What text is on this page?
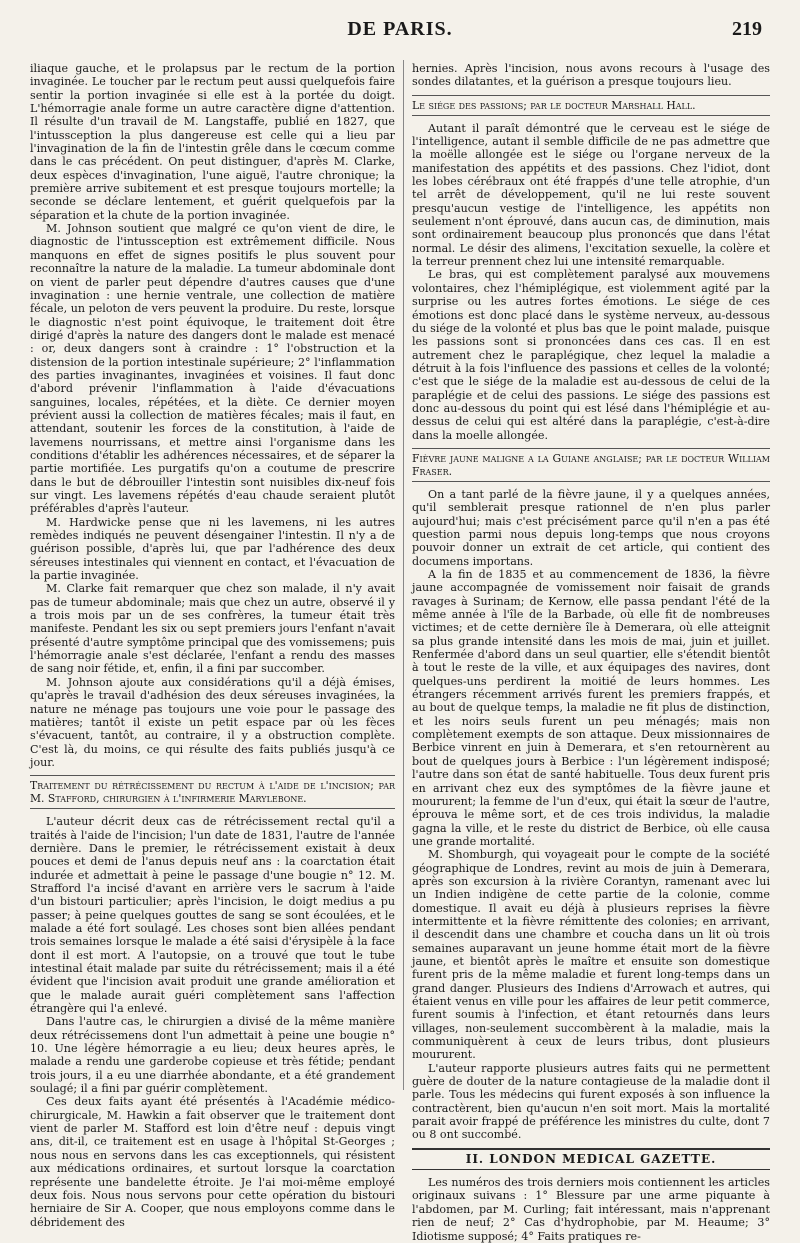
DE PARIS.	219

iliaque gauche, et le prolapsus par le rectum de la portion invaginée. Le toucher par le rectum peut aussi quelquefois faire sentir la portion invaginée si elle est à la portée du doigt. L'hémorragie anale forme un autre caractère digne d'attention. Il résulte d'un travail de M. Langstaffe, publié en 1827, que l'intussception la plus dangereuse est celle qui a lieu par l'invagination de la fin de l'intestin grêle dans le cœcum comme dans le cas précédent. On peut distinguer, d'après M. Clarke, deux espèces d'invagination, l'une aiguë, l'autre chronique; la première arrive subitement et est presque toujours mortelle; la seconde se déclare lentement, et guérit quelquefois par la séparation et la chute de la portion invaginée.

M. Johnson soutient que malgré ce qu'on vient de dire, le diagnostic de l'intussception est extrêmement difficile. Nous manquons en effet de signes positifs le plus souvent pour reconnaître la nature de la maladie. La tumeur abdominale dont on vient de parler peut dépendre d'autres causes que d'une invagination : une hernie ventrale, une collection de matière fécale, un peloton de vers peuvent la produire. Du reste, lorsque le diagnostic n'est point équivoque, le traitement doit être dirigé d'après la nature des dangers dont le malade est menacé : or, deux dangers sont à craindre : 1° l'obstruction et la distension de la portion intestinale supérieure; 2° l'inflammation des parties invaginantes, invaginées et voisines. Il faut donc d'abord prévenir l'inflammation à l'aide d'évacuations sanguines, locales, répétées, et la diète. Ce dernier moyen prévient aussi la collection de matières fécales; mais il faut, en attendant, soutenir les forces de la constitution, à l'aide de lavemens nourrissans, et mettre ainsi l'organisme dans les conditions d'établir les adhérences nécessaires, et de séparer la partie mortifiée. Les purgatifs qu'on a coutume de prescrire dans le but de débrouiller l'intestin sont nuisibles dix-neuf fois sur vingt. Les lavemens répétés d'eau chaude seraient plutôt préférables d'après l'auteur.

M. Hardwicke pense que ni les lavemens, ni les autres remèdes indiqués ne peuvent désengainer l'intestin. Il n'y a de guérison possible, d'après lui, que par l'adhérence des deux séreuses intestinales qui viennent en contact, et l'évacuation de la partie invaginée.

M. Clarke fait remarquer que chez son malade, il n'y avait pas de tumeur abdominale; mais que chez un autre, observé il y a trois mois par un de ses confrères, la tumeur était très manifeste. Pendant les six ou sept premiers jours l'enfant n'avait présenté d'autre symptôme principal que des vomissemens; puis l'hémorragie anale s'est déclarée, l'enfant a rendu des masses de sang noir fétide, et, enfin, il a fini par succomber.

M. Johnson ajoute aux considérations qu'il a déjà émises, qu'après le travail d'adhésion des deux séreuses invaginées, la nature ne ménage pas toujours une voie pour le passage des matières; tantôt il existe un petit espace par où les fèces s'évacuent, tantôt, au contraire, il y a obstruction complète. C'est là, du moins, ce qui résulte des faits publiés jusqu'à ce jour.

Traitement du rétrécissement du rectum à l'aide de l'incision; par M. Stafford, chirurgien à l'infirmerie Marylebone.

L'auteur décrit deux cas de rétrécissement rectal qu'il a traités à l'aide de l'incision; l'un date de 1831, l'autre de l'année dernière. Dans le premier, le rétrécissement existait à deux pouces et demi de l'anus depuis neuf ans : la coarctation était indurée et admettait à peine le passage d'une bougie n° 12. M. Strafford l'a incisé d'avant en arrière vers le sacrum à l'aide d'un bistouri particulier; après l'incision, le doigt medius a pu passer; à peine quelques gouttes de sang se sont écoulées, et le malade a été fort soulagé. Les choses sont bien allées pendant trois semaines lorsque le malade a été saisi d'érysipèle à la face dont il est mort. A l'autopsie, on a trouvé que tout le tube intestinal était malade par suite du rétrécissement; mais il a été évident que l'incision avait produit une grande amélioration et que le malade aurait guéri complètement sans l'affection étrangère qui l'a enlevé.

Dans l'autre cas, le chirurgien a divisé de la même manière deux rétrécissemens dont l'un admettait à peine une bougie n° 10. Une légère hémorragie a eu lieu; deux heures après, le malade a rendu une garderobe copieuse et très fétide; pendant trois jours, il a eu une diarrhée abondante, et a été grandement soulagé; il a fini par guérir complètement.

Ces deux faits ayant été présentés à l'Académie médico-chirurgicale, M. Hawkin a fait observer que le traitement dont vient de parler M. Stafford est loin d'être neuf : depuis vingt ans, dit-il, ce traitement est en usage à l'hôpital St-Georges ; nous nous en servons dans les cas exceptionnels, qui résistent aux médications ordinaires, et surtout lorsque la coarctation représente une bandelette étroite. Je l'ai moi-même employé deux fois. Nous nous servons pour cette opération du bistouri herniaire de Sir A. Cooper, que nous employons comme dans le débridement des

hernies. Après l'incision, nous avons recours à l'usage des sondes dilatantes, et la guérison a presque toujours lieu.

Le siége des passions; par le docteur Marshall Hall.

Autant il paraît démontré que le cerveau est le siége de l'intelligence, autant il semble difficile de ne pas admettre que la moëlle allongée est le siége ou l'organe nerveux de la manifestation des appétits et des passions. Chez l'idiot, dont les lobes cérébraux ont été frappés d'une telle atrophie, d'un tel arrêt de développement, qu'il ne lui reste souvent presqu'aucun vestige de l'intelligence, les appétits non seulement n'ont éprouvé, dans aucun cas, de diminution, mais sont ordinairement beaucoup plus prononcés que dans l'état normal. Le désir des alimens, l'excitation sexuelle, la colère et la terreur prennent chez lui une intensité remarquable.

Le bras, qui est complètement paralysé aux mouvemens volontaires, chez l'hémiplégique, est violemment agité par la surprise ou les autres fortes émotions. Le siége de ces émotions est donc placé dans le système nerveux, au-dessous du siége de la volonté et plus bas que le point malade, puisque les passions sont si prononcées dans ces cas. Il en est autrement chez le paraplégique, chez lequel la maladie a détruit à la fois l'influence des passions et celles de la volonté; c'est que le siége de la maladie est au-dessous de celui de la paraplégie et de celui des passions. Le siége des passions est donc au-dessous du point qui est lésé dans l'hémiplégie et au-dessus de celui qui est altéré dans la paraplégie, c'est-à-dire dans la moelle allongée.

Fièvre jaune maligne a la Guiane anglaise; par le docteur William Fraser.

On a tant parlé de la fièvre jaune, il y a quelques années, qu'il semblerait presque rationnel de n'en plus parler aujourd'hui; mais c'est précisément parce qu'il n'en a pas été question parmi nous depuis long-temps que nous croyons pouvoir donner un extrait de cet article, qui contient des documens importans.

A la fin de 1835 et au commencement de 1836, la fièvre jaune accompagnée de vomissement noir faisait de grands ravages à Surinam; de Kernow, elle passa pendant l'été de la même année à l'île de la Barbade, où elle fit de nombreuses victimes; et de cette dernière île à Demerara, où elle atteignit sa plus grande intensité dans les mois de mai, juin et juillet. Renfermée d'abord dans un seul quartier, elle s'étendit bientôt à tout le reste de la ville, et aux équipages des navires, dont quelques-uns perdirent la moitié de leurs hommes. Les étrangers récemment arrivés furent les premiers frappés, et au bout de quelque temps, la maladie ne fit plus de distinction, et les noirs seuls furent un peu ménagés; mais non complètement exempts de son attaque. Deux missionnaires de Berbice vinrent en juin à Demerara, et s'en retournèrent au bout de quelques jours à Berbice : l'un légèrement indisposé; l'autre dans son état de santé habituelle. Tous deux furent pris en arrivant chez eux des symptômes de la fièvre jaune et moururent; la femme de l'un d'eux, qui était la sœur de l'autre, éprouva le même sort, et de ces trois individus, la maladie gagna la ville, et le reste du district de Berbice, où elle causa une grande mortalité.

M. Shomburgh, qui voyageait pour le compte de la société géographique de Londres, revint au mois de juin à Demerara, après son excursion à la rivière Corantyn, ramenant avec lui un Indien indigène de cette partie de la colonie, comme domestique. Il avait eu déjà à plusieurs reprises la fièvre intermittente et la fièvre rémittente des colonies; en arrivant, il descendit dans une chambre et coucha dans un lit où trois semaines auparavant un jeune homme était mort de la fièvre jaune, et bientôt après le maître et ensuite son domestique furent pris de la même maladie et furent long-temps dans un grand danger. Plusieurs des Indiens d'Arrowach et autres, qui étaient venus en ville pour les affaires de leur petit commerce, furent soumis à l'infection, et étant retournés dans leurs villages, non-seulement succombèrent à la maladie, mais la communiquèrent à ceux de leurs tribus, dont plusieurs moururent.

L'auteur rapporte plusieurs autres faits qui ne permettent guère de douter de la nature contagieuse de la maladie dont il parle. Tous les médecins qui furent exposés à son influence la contractèrent, bien qu'aucun n'en soit mort. Mais la mortalité parait avoir frappé de préférence les ministres du culte, dont 7 ou 8 ont succombé.

II. LONDON MEDICAL GAZETTE.

Les numéros des trois derniers mois contiennent les articles originaux suivans : 1° Blessure par une arme piquante à l'abdomen, par M. Curling; fait intéressant, mais n'apprenant rien de neuf; 2° Cas d'hydrophobie, par M. Heaume; 3° Idiotisme supposé; 4° Faits pratiques re-
